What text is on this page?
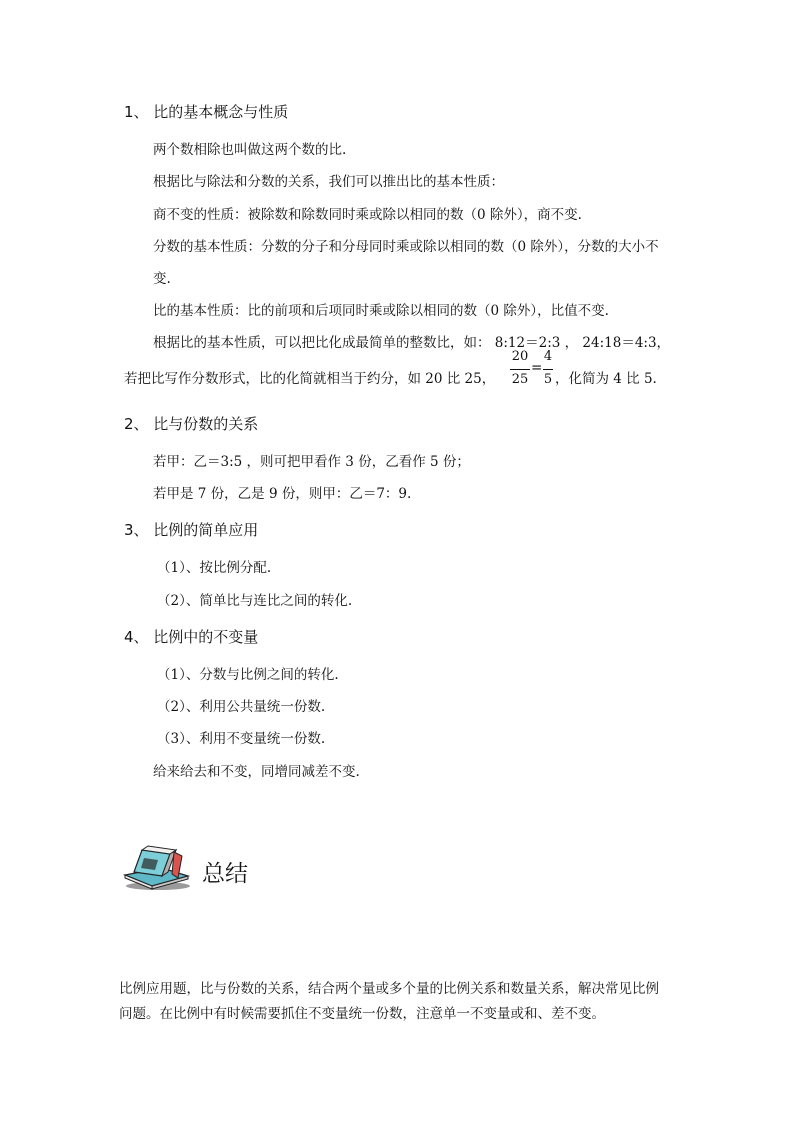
1、 比的基本概念与性质
两个数相除也叫做这两个数的比.
根据比与除法和分数的关系，我们可以推出比的基本性质：
商不变的性质：被除数和除数同时乘或除以相同的数（0 除外），商不变.
分数的基本性质：分数的分子和分母同时乘或除以相同的数（0 除外），分数的大小不
变.
比的基本性质：比的前项和后项同时乘或除以相同的数（0 除外），比值不变.
根据比的基本性质，可以把比化成最简单的整数比，如： 8:12＝2:3 ， 24:18＝4:3，
若把比写作分数形式，比的化简就相当于约分，如 20 比 25，
20
25
=
4
5 ，化简为 4 比 5.
2、 比与份数的关系
若甲：乙＝3:5 ，则可把甲看作 3 份，乙看作 5 份；
若甲是 7 份，乙是 9 份，则甲：乙＝7：9.
3、 比例的简单应用
（1）、按比例分配.
（2）、简单比与连比之间的转化.
4、 比例中的不变量
（1）、分数与比例之间的转化.
（2）、利用公共量统一份数.
（3）、利用不变量统一份数.
给来给去和不变，同增同减差不变.
总结
比例应用题，比与份数的关系，结合两个量或多个量的比例关系和数量关系，解决常见比例
问题。在比例中有时候需要抓住不变量统一份数，注意单一不变量或和、差不变。
